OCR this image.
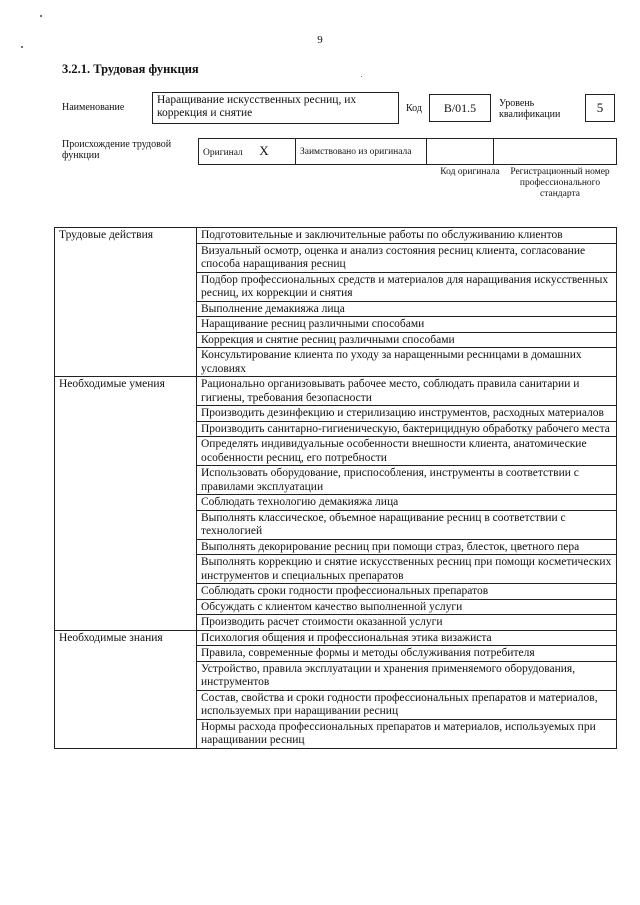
9
3.2.1. Трудовая функция
Наименование
Наращивание искусственных ресниц, их коррекция и снятие	Код	B/01.5	Уровень квалификации	5
Происхождение трудовой функции	Оригинал X	Заимствовано из оригинала		
Код оригинала	Регистрационный номер профессионального стандарта
Трудовые действия	Подготовительные и заключительные работы по обслуживанию клиентов
	Визуальный осмотр, оценка и анализ состояния ресниц клиента, согласование способа наращивания ресниц
	Подбор профессиональных средств и материалов для наращивания искусственных ресниц, их коррекции и снятия
	Выполнение демакияжа лица
	Наращивание ресниц различными способами
	Коррекция и снятие ресниц различными способами
	Консультирование клиента по уходу за наращенными ресницами в домашних условиях
Необходимые умения	Рационально организовывать рабочее место, соблюдать правила санитарии и гигиены, требования безопасности
	Производить дезинфекцию и стерилизацию инструментов, расходных материалов
	Производить санитарно-гигиеническую, бактерицидную обработку рабочего места
	Определять индивидуальные особенности внешности клиента, анатомические особенности ресниц, его потребности
	Использовать оборудование, приспособления, инструменты в соответствии с правилами эксплуатации
	Соблюдать технологию демакияжа лица
	Выполнять классическое, объемное наращивание ресниц в соответствии с технологией
	Выполнять декорирование ресниц при помощи страз, блесток, цветного пера
	Выполнять коррекцию и снятие искусственных ресниц при помощи косметических инструментов и специальных препаратов
	Соблюдать сроки годности профессиональных препаратов
	Обсуждать с клиентом качество выполненной услуги
	Производить расчет стоимости оказанной услуги
Необходимые знания	Психология общения и профессиональная этика визажиста
	Правила, современные формы и методы обслуживания потребителя
	Устройство, правила эксплуатации и хранения применяемого оборудования, инструментов
	Состав, свойства и сроки годности профессиональных препаратов и материалов, используемых при наращивании ресниц
	Нормы расхода профессиональных препаратов и материалов, используемых при наращивании ресниц
